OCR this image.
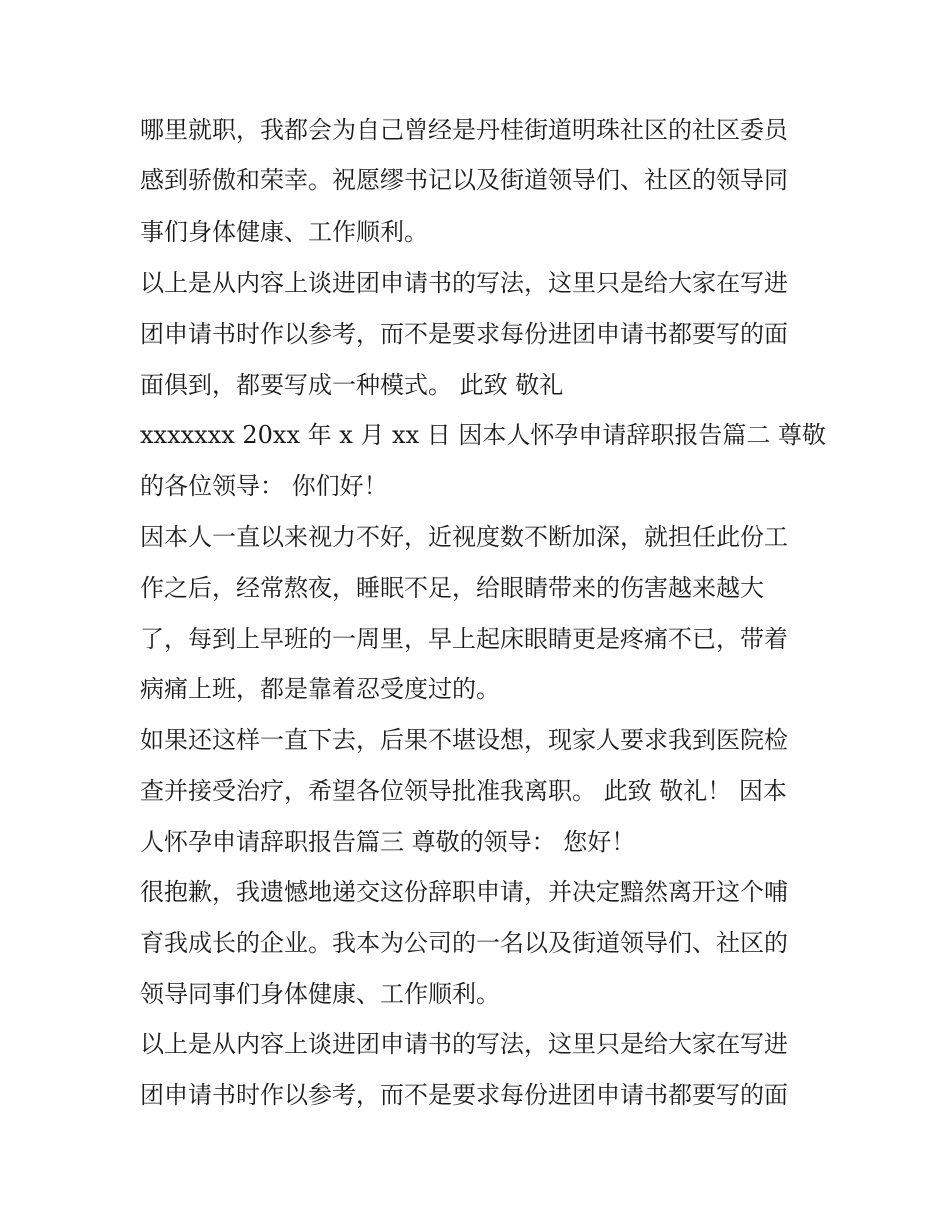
哪里就职，我都会为自己曾经是丹桂街道明珠社区的社区委员
感到骄傲和荣幸。祝愿缪书记以及街道领导们、社区的领导同
事们身体健康、工作顺利。
以上是从内容上谈进团申请书的写法，这里只是给大家在写进
团申请书时作以参考，而不是要求每份进团申请书都要写的面
面俱到，都要写成一种模式。 此致 敬礼
xxxxxxx 20xx 年 x 月 xx 日 因本人怀孕申请辞职报告篇二 尊敬
的各位领导： 你们好！
因本人一直以来视力不好，近视度数不断加深，就担任此份工
作之后，经常熬夜，睡眠不足，给眼睛带来的伤害越来越大
了，每到上早班的一周里，早上起床眼睛更是疼痛不已，带着
病痛上班，都是靠着忍受度过的。
如果还这样一直下去，后果不堪设想，现家人要求我到医院检
查并接受治疗，希望各位领导批准我离职。 此致 敬礼！ 因本
人怀孕申请辞职报告篇三 尊敬的领导： 您好！
很抱歉，我遗憾地递交这份辞职申请，并决定黯然离开这个哺
育我成长的企业。我本为公司的一名以及街道领导们、社区的
领导同事们身体健康、工作顺利。
以上是从内容上谈进团申请书的写法，这里只是给大家在写进
团申请书时作以参考，而不是要求每份进团申请书都要写的面
